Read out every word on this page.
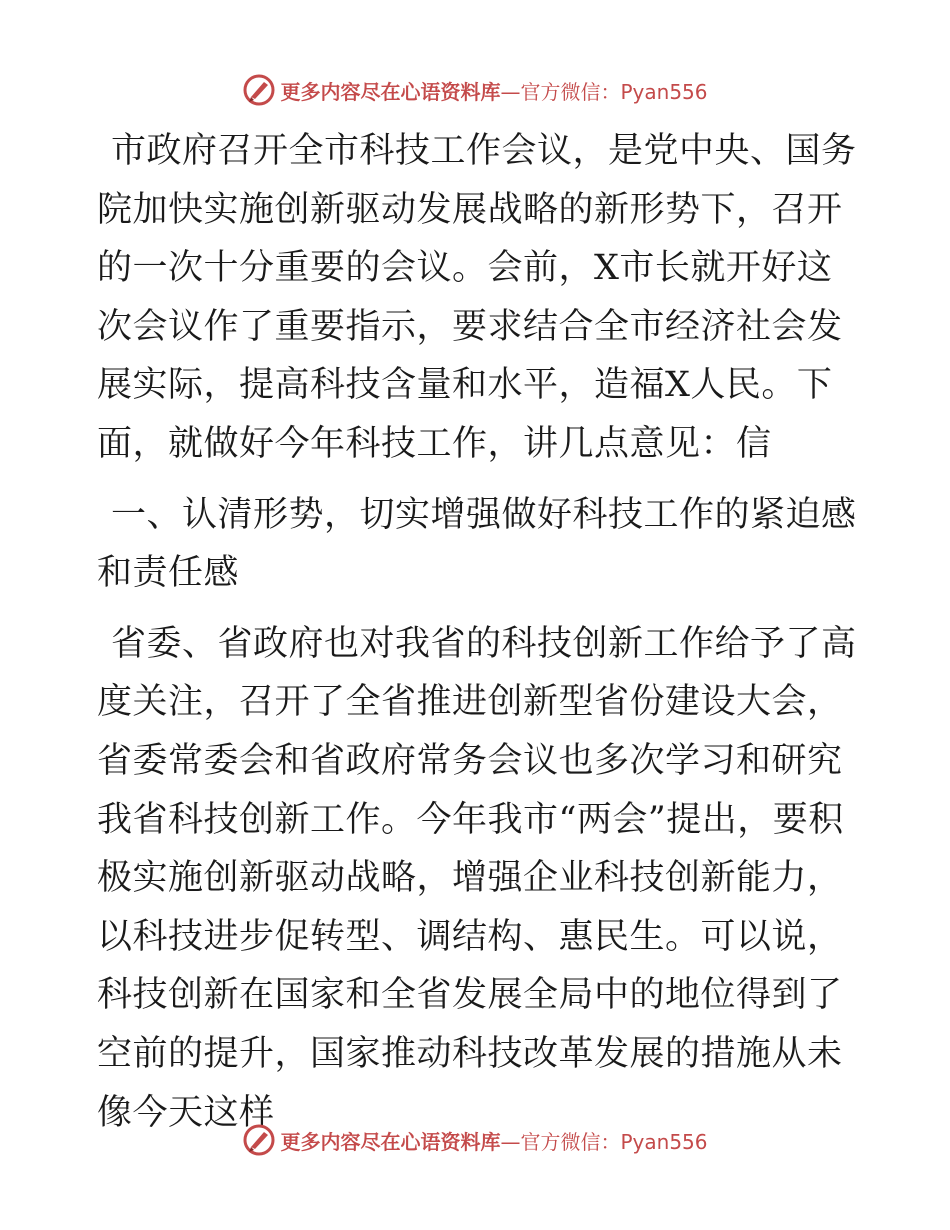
更多内容尽在心语资料库—官方微信：Pyan556

市政府召开全市科技工作会议，是党中央、国务院加快实施创新驱动发展战略的新形势下，召开的一次十分重要的会议。会前，X市长就开好这次会议作了重要指示，要求结合全市经济社会发展实际，提高科技含量和水平，造福X人民。下面，就做好今年科技工作，讲几点意见：信

一、认清形势，切实增强做好科技工作的紧迫感和责任感

省委、省政府也对我省的科技创新工作给予了高度关注，召开了全省推进创新型省份建设大会，省委常委会和省政府常务会议也多次学习和研究我省科技创新工作。今年我市“两会”提出，要积极实施创新驱动战略，增强企业科技创新能力，以科技进步促转型、调结构、惠民生。可以说，科技创新在国家和全省发展全局中的地位得到了空前的提升，国家推动科技改革发展的措施从未像今天这样

更多内容尽在心语资料库—官方微信：Pyan556
